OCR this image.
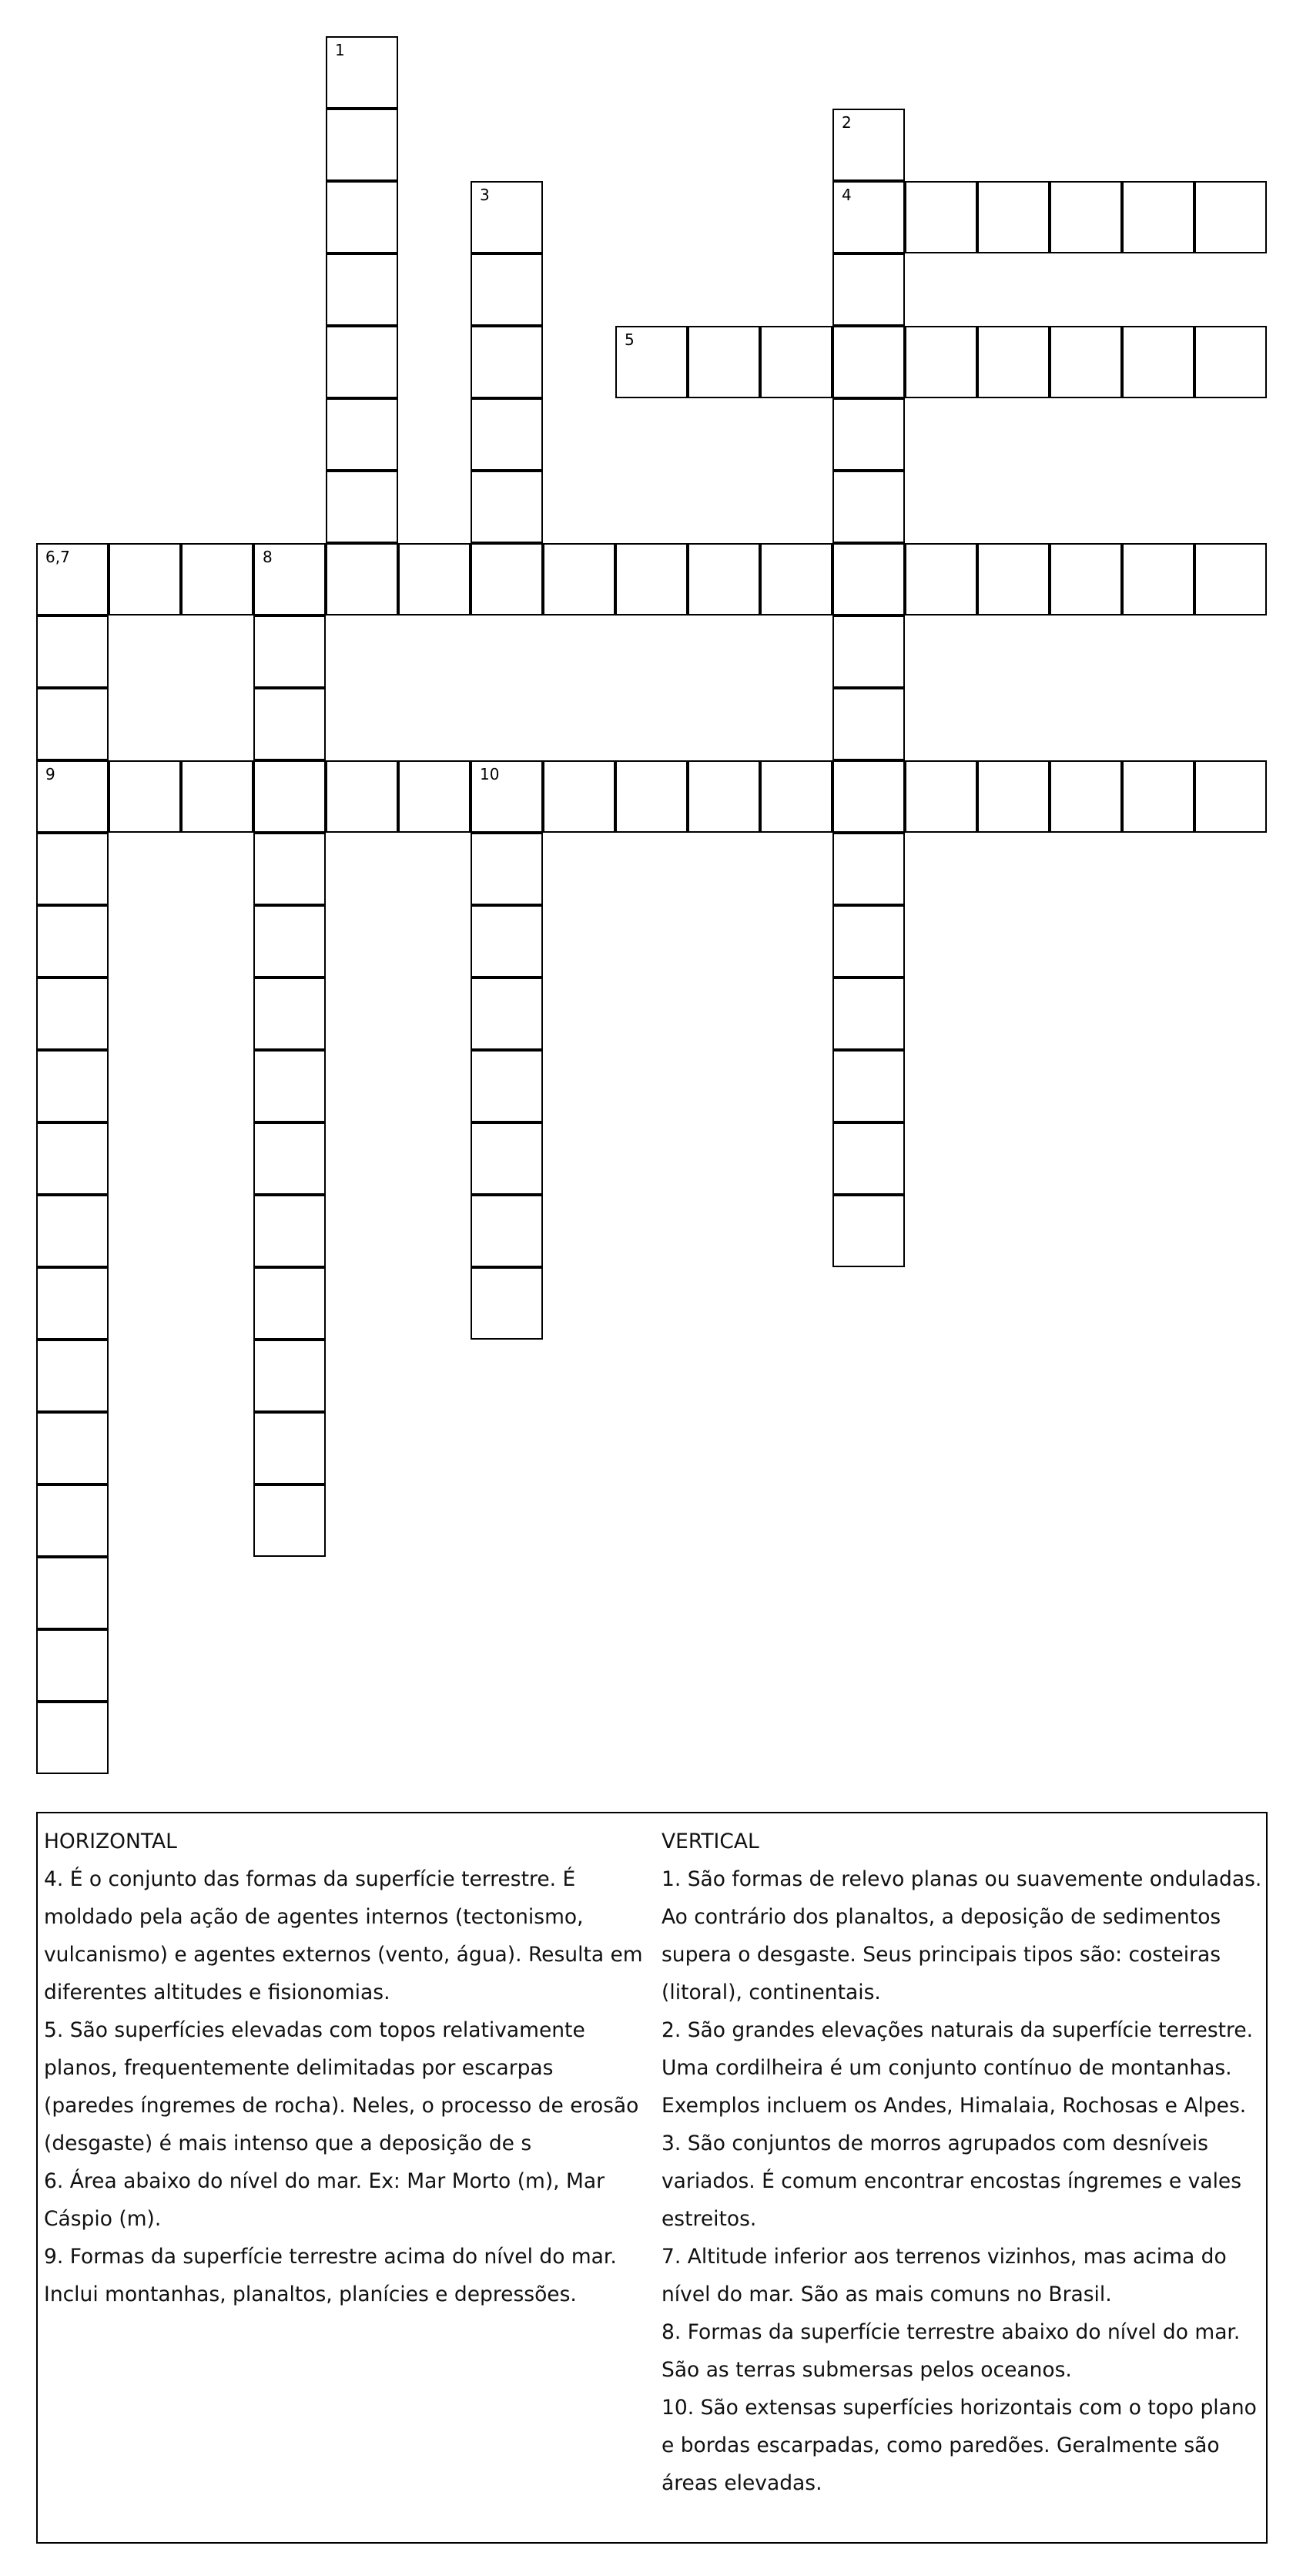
1
2
4
3
5
6,7	8
9	10

HORIZONTAL

4. É o conjunto das formas da superfície terrestre. É moldado pela ação de agentes internos (tectonismo, vulcanismo) e agentes externos (vento, água). Resulta em diferentes altitudes e fisionomias.

5. São superfícies elevadas com topos relativamente planos, frequentemente delimitadas por escarpas (paredes íngremes de rocha). Neles, o processo de erosão (desgaste) é mais intenso que a deposição de s

6. Área abaixo do nível do mar. Ex: Mar Morto (m), Mar Cáspio (m).

9. Formas da superfície terrestre acima do nível do mar. Inclui montanhas, planaltos, planícies e depressões.

VERTICAL

1. São formas de relevo planas ou suavemente onduladas. Ao contrário dos planaltos, a deposição de sedimentos supera o desgaste. Seus principais tipos são: costeiras (litoral), continentais.

2. São grandes elevações naturais da superfície terrestre. Uma cordilheira é um conjunto contínuo de montanhas. Exemplos incluem os Andes, Himalaia, Rochosas e Alpes.

3. São conjuntos de morros agrupados com desníveis variados. É comum encontrar encostas íngremes e vales estreitos.

7. Altitude inferior aos terrenos vizinhos, mas acima do nível do mar. São as mais comuns no Brasil.

8. Formas da superfície terrestre abaixo do nível do mar. São as terras submersas pelos oceanos.

10. São extensas superfícies horizontais com o topo plano e bordas escarpadas, como paredões. Geralmente são áreas elevadas.
